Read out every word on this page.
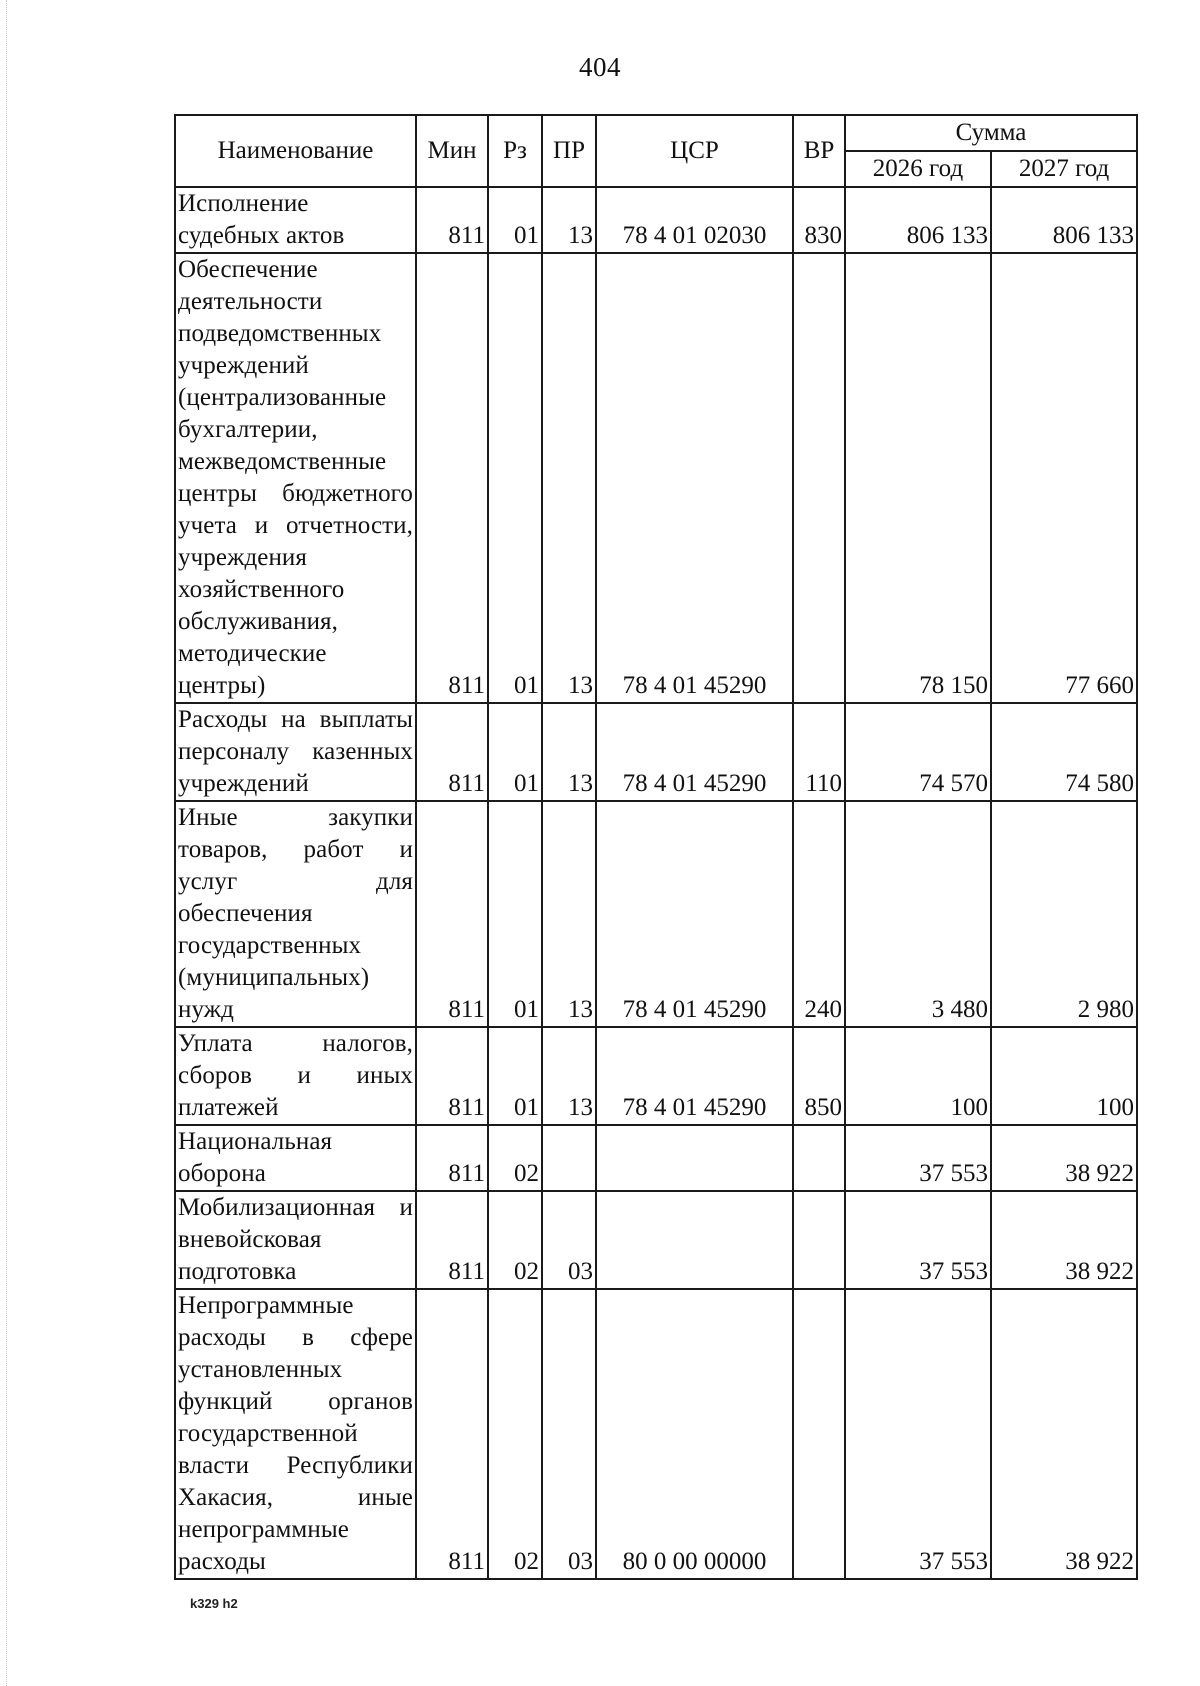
404
Наименование	Мин	Рз	ПР	ЦСР	ВР	Сумма	
						2026 год	2027 год
Исполнение судебных актов	811	01	13	78 4 01 02030	830	806 133	806 133
Обеспечение деятельности подведомственных учреждений (централизованные бухгалтерии, межведомственные центры бюджетного учета и отчетности, учреждения хозяйственного обслуживания, методические центры)	811	01	13	78 4 01 45290		78 150	77 660
Расходы на выплаты персоналу казенных учреждений	811	01	13	78 4 01 45290	110	74 570	74 580
Иные закупки товаров, работ и услуг для обеспечения государственных (муниципальных) нужд	811	01	13	78 4 01 45290	240	3 480	2 980
Уплата налогов, сборов и иных платежей	811	01	13	78 4 01 45290	850	100	100
Национальная оборона	811	02				37 553	38 922
Мобилизационная и вневойсковая подготовка	811	02	03			37 553	38 922
Непрограммные расходы в сфере установленных функций органов государственной власти Республики Хакасия, иные непрограммные расходы	811	02	03	80 0 00 00000		37 553	38 922
k329 h2
